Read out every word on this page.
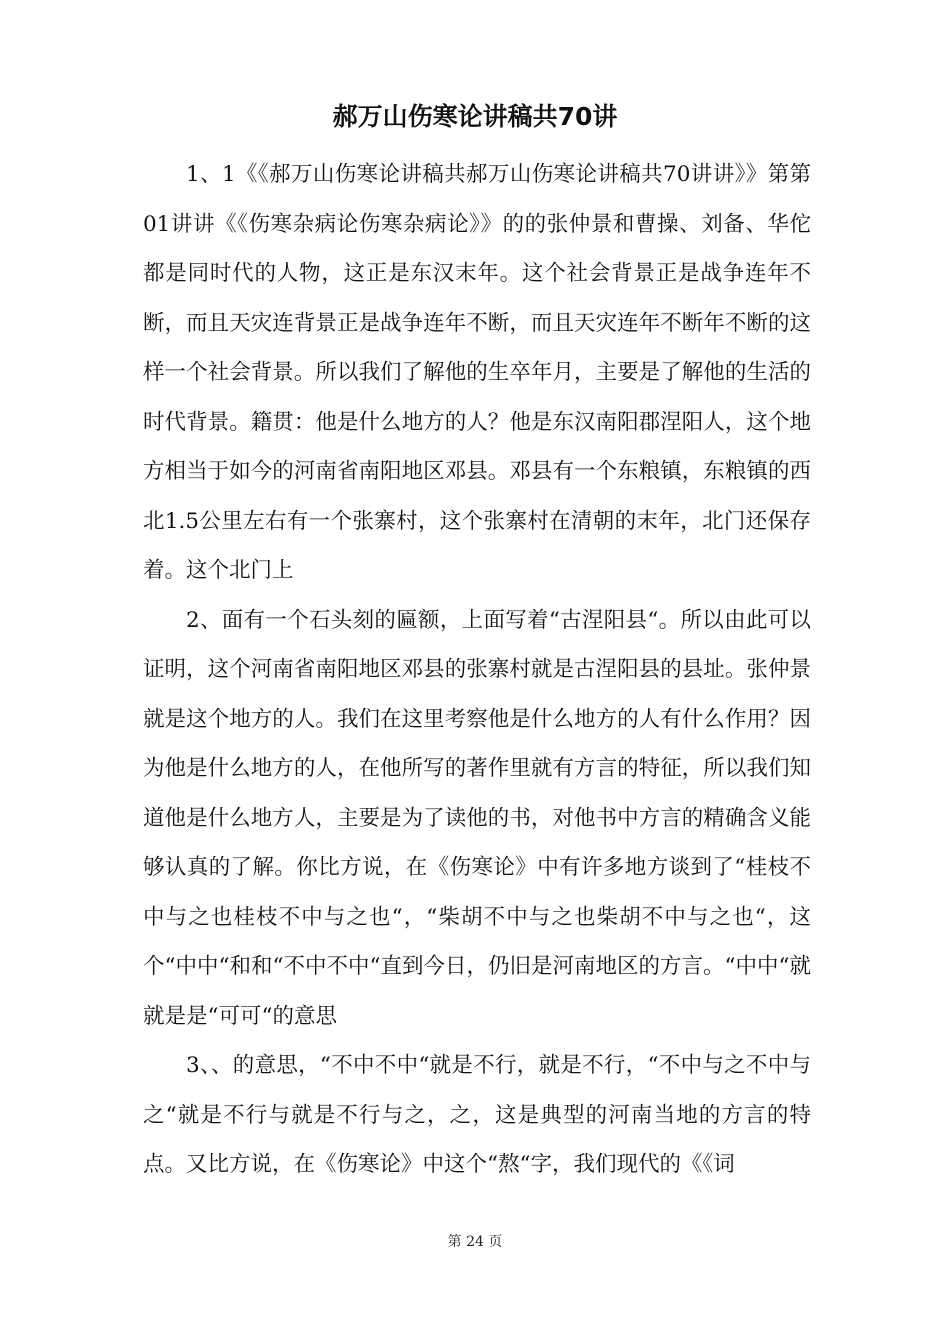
郝万山伤寒论讲稿共70讲

1、1《《郝万山伤寒论讲稿共郝万山伤寒论讲稿共70讲讲》》第第01讲讲《《伤寒杂病论伤寒杂病论》》的的张仲景和曹操、刘备、华佗都是同时代的人物，这正是东汉末年。这个社会背景正是战争连年不断，而且天灾连背景正是战争连年不断，而且天灾连年不断年不断的这样一个社会背景。所以我们了解他的生卒年月，主要是了解他的生活的时代背景。籍贯：他是什么地方的人？他是东汉南阳郡涅阳人，这个地方相当于如今的河南省南阳地区邓县。邓县有一个东粮镇，东粮镇的西北1.5公里左右有一个张寨村，这个张寨村在清朝的末年，北门还保存着。这个北门上

2、面有一个石头刻的匾额，上面写着“古涅阳县“。所以由此可以证明，这个河南省南阳地区邓县的张寨村就是古涅阳县的县址。张仲景就是这个地方的人。我们在这里考察他是什么地方的人有什么作用？因为他是什么地方的人，在他所写的著作里就有方言的特征，所以我们知道他是什么地方人，主要是为了读他的书，对他书中方言的精确含义能够认真的了解。你比方说，在《伤寒论》中有许多地方谈到了“桂枝不中与之也桂枝不中与之也“，“柴胡不中与之也柴胡不中与之也“，这个“中中“和和“不中不中“直到今日，仍旧是河南地区的方言。“中中“就就是是“可可“的意思

3、、的意思，“不中不中“就是不行，就是不行，“不中与之不中与之“就是不行与就是不行与之，之，这是典型的河南当地的方言的特点。又比方说，在《伤寒论》中这个“熬“字，我们现代的《《词

第 24 页
